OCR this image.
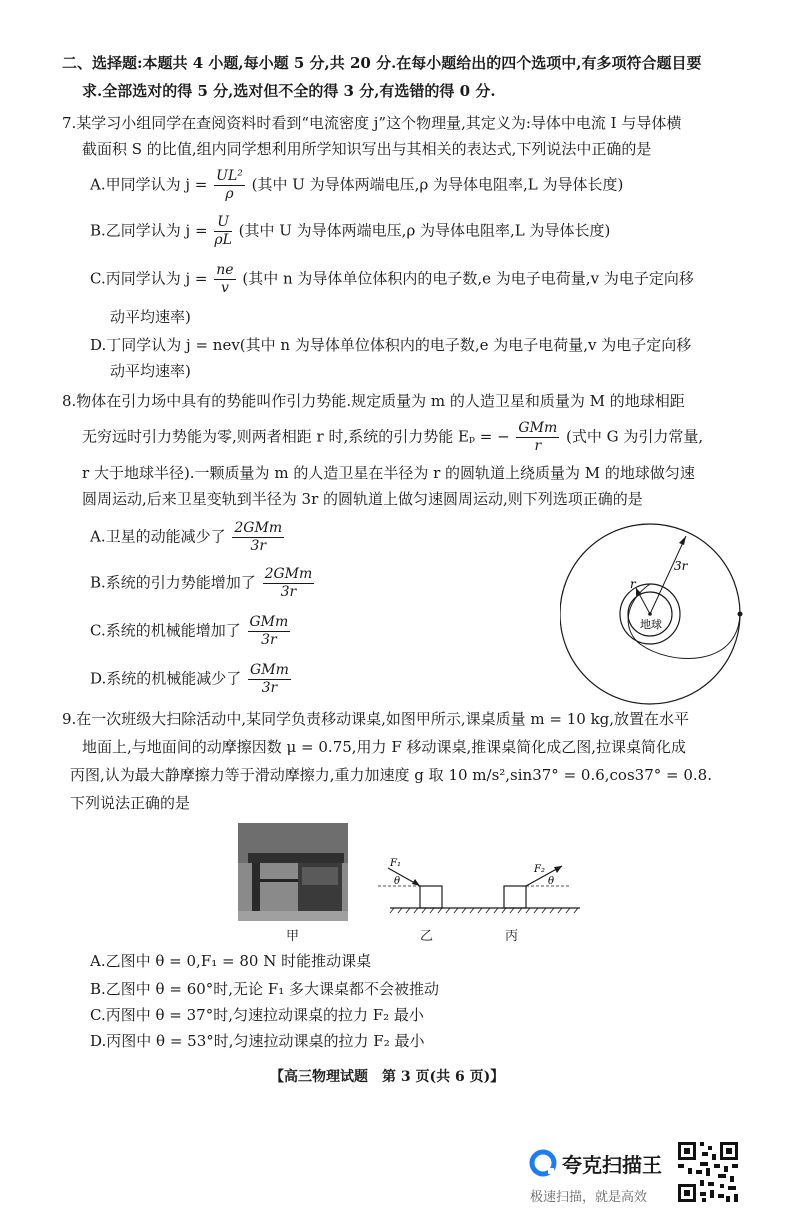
二、选择题:本题共 4 小题,每小题 5 分,共 20 分.在每小题给出的四个选项中,有多项符合题目要
求.全部选对的得 5 分,选对但不全的得 3 分,有选错的得 0 分.
7.某学习小组同学在查阅资料时看到“电流密度 j”这个物理量,其定义为:导体中电流 I 与导体横
截面积 S 的比值,组内同学想利用所学知识写出与其相关的表达式,下列说法中正确的是
A.甲同学认为 $j = \frac{\text{UL²}}{\rho}$ (其中 U 为导体两端电压,ρ 为导体电阻率,L 为导体长度)
B.乙同学认为 $j = \frac{U}{\rho L}$ (其中 U 为导体两端电压,ρ 为导体电阻率,L 为导体长度)
C.丙同学认为 $j = \frac{ne}{v}$ (其中 n 为导体单位体积内的电子数,e 为电子电荷量,v 为电子定向移
动平均速率)
D.丁同学认为 j = nev(其中 n 为导体单位体积内的电子数,e 为电子电荷量,v 为电子定向移
动平均速率)
8.物体在引力场中具有的势能叫作引力势能.规定质量为 m 的人造卫星和质量为 M 的地球相距
无穷远时引力势能为零,则两者相距 r 时,系统的引力势能 Eₚ = − $\frac{\text{GMm}}{r}$ (式中 G 为引力常量,
r 大于地球半径).一颗质量为 m 的人造卫星在半径为 r 的圆轨道上绕质量为 M 的地球做匀速
圆周运动,后来卫星变轨到半径为 3r 的圆轨道上做匀速圆周运动,则下列选项正确的是
A.卫星的动能减少了 $\frac{\text{2GMm}}{3r}$
B.系统的引力势能增加了 $\frac{\text{2GMm}}{3r}$
C.系统的机械能增加了 $\frac{\text{GMm}}{3r}$
D.系统的机械能减少了 $\frac{\text{GMm}}{3r}$
3r
r
地球
9.在一次班级大扫除活动中,某同学负责移动课桌,如图甲所示,课桌质量 m = 10 kg,放置在水平
地面上,与地面间的动摩擦因数 μ = 0.75,用力 F 移动课桌,推课桌简化成乙图,拉课桌简化成
丙图,认为最大静摩擦力等于滑动摩擦力,重力加速度 g 取 10 m/s²,sin37° = 0.6,cos37° = 0.8.
下列说法正确的是
F₁
θ
F₂
θ
甲	乙	丙
A.乙图中 θ = 0,F₁ = 80 N 时能推动课桌
B.乙图中 θ = 60°时,无论 F₁ 多大课桌都不会被推动
C.丙图中 θ = 37°时,匀速拉动课桌的拉力 F₂ 最小
D.丙图中 θ = 53°时,匀速拉动课桌的拉力 F₂ 最小
【高三物理试题　第 3 页(共 6 页)】
夸克扫描王
极速扫描，就是高效
